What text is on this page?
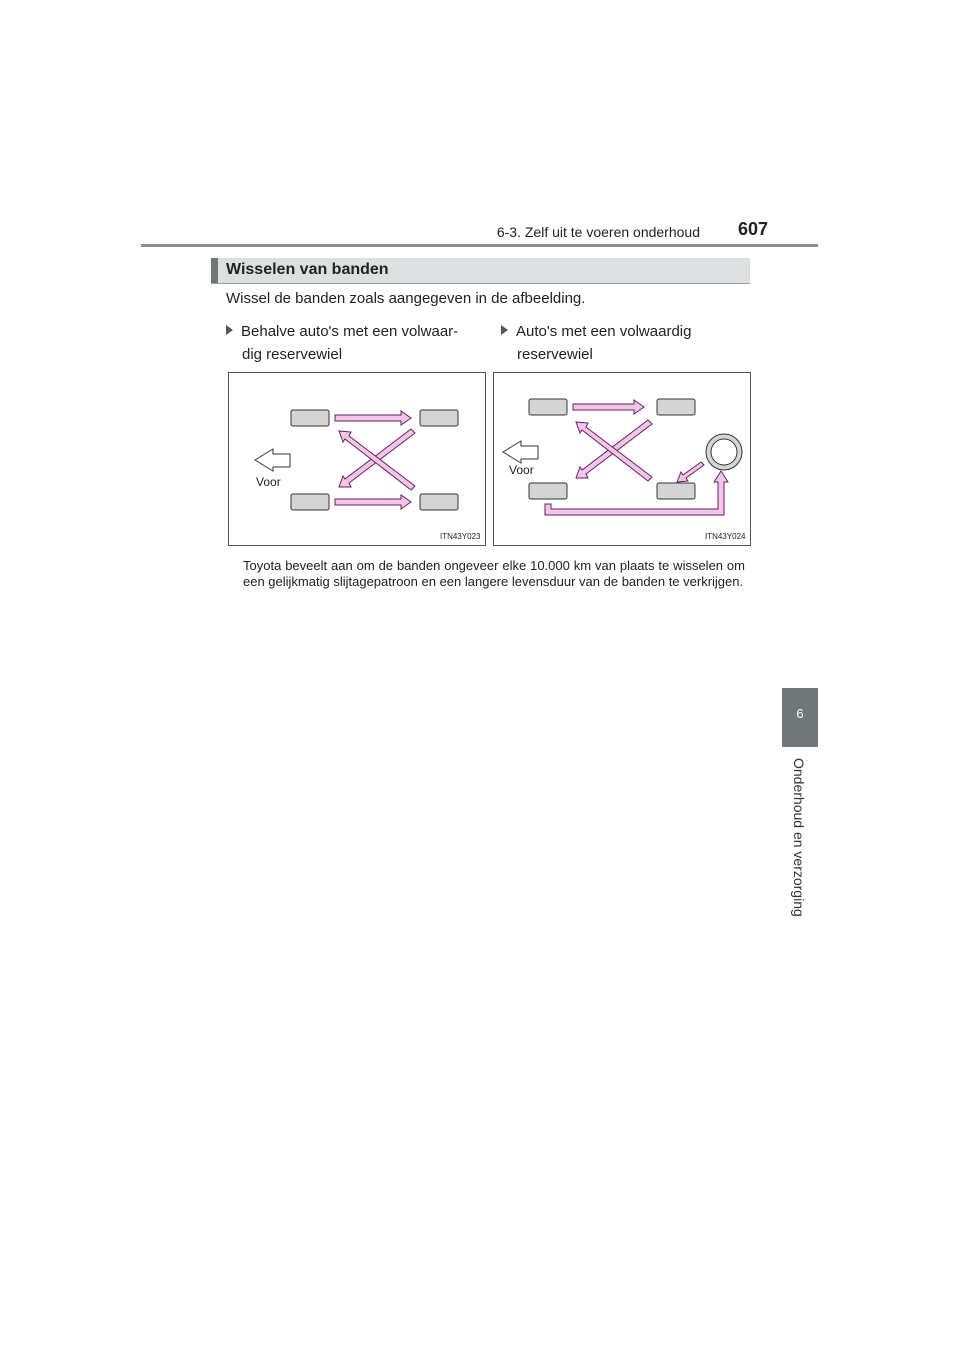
6-3. Zelf uit te voeren onderhoud 607
6
Onderhoud en verzorging
Wisselen van banden
Wissel de banden zoals aangegeven in de afbeelding.
Behalve auto's met een volwaar-
dig reservewiel
Auto's met een volwaardig
reservewiel
Voor
ITN43Y023
Voor
ITN43Y024
Toyota beveelt aan om de banden ongeveer elke 10.000 km van plaats te wisselen om een gelijkmatig slijtagepatroon en een langere levensduur van de banden te verkrijgen.
